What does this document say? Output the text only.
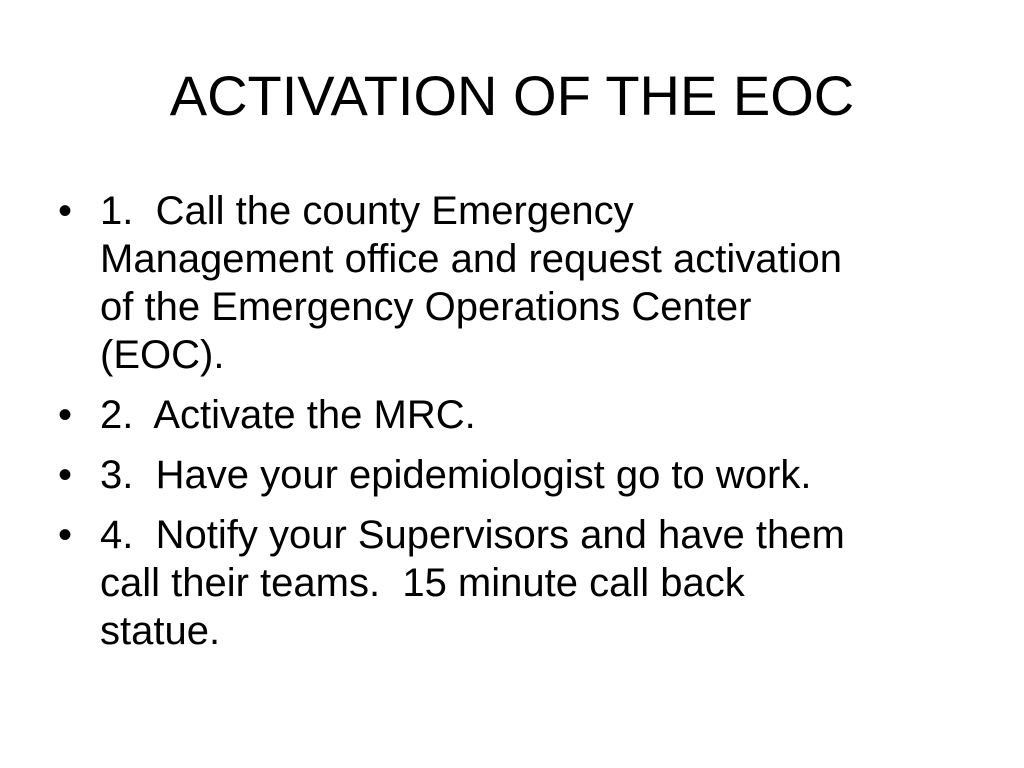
ACTIVATION OF THE EOC
• 1.  Call the county Emergency
Management office and request activation
of the Emergency Operations Center
(EOC).
• 2.  Activate the MRC.
• 3.  Have your epidemiologist go to work.
• 4.  Notify your Supervisors and have them
call their teams.  15 minute call back
statue.
